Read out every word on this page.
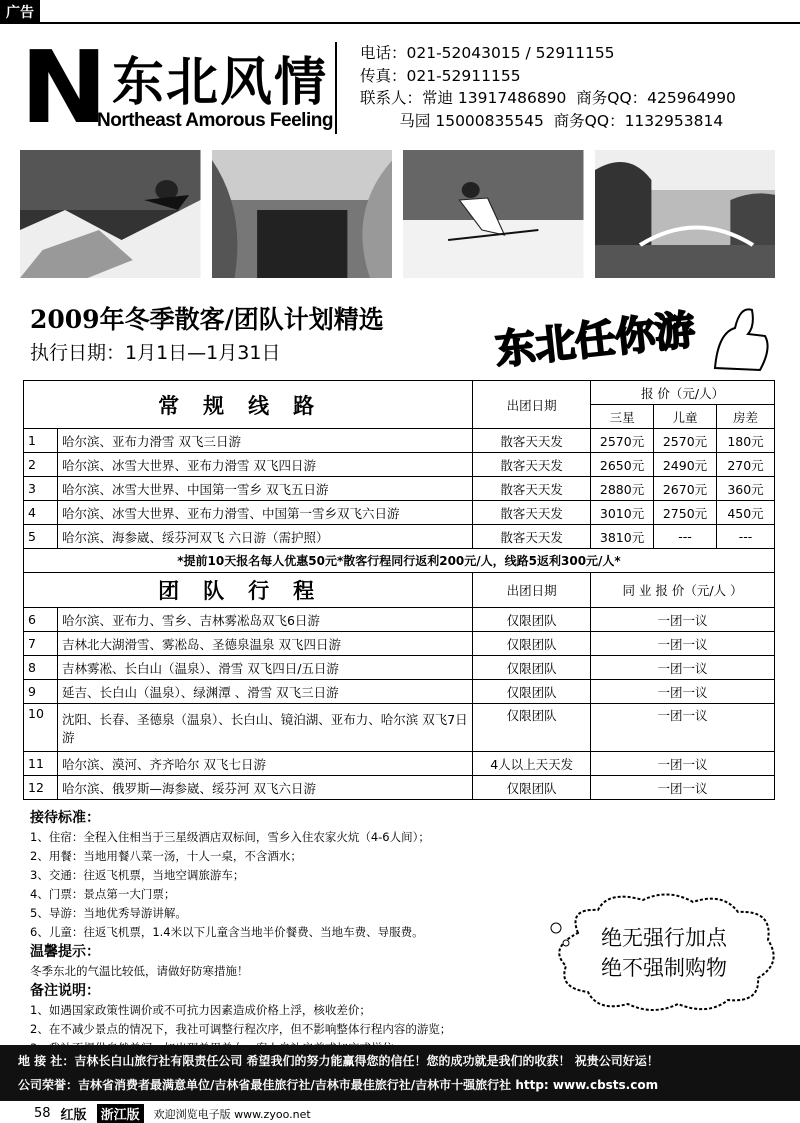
广告
N 东北风情
Northeast Amorous Feeling
电话：021-52043015 / 52911155
传真：021-52911155
联系人：常迪 13917486890  商务QQ：425964990
马园 15000835545  商务QQ：1132953814
2009年冬季散客/团队计划精选
执行日期：1月1日—1月31日	东北任你游
常规线路		出团日期	报 价（元/人）		
			三星	儿童	房差
1	哈尔滨、亚布力滑雪 双飞三日游	散客天天发	2570元	2570元	180元
2	哈尔滨、冰雪大世界、亚布力滑雪 双飞四日游	散客天天发	2650元	2490元	270元
3	哈尔滨、冰雪大世界、中国第一雪乡 双飞五日游	散客天天发	2880元	2670元	360元
4	哈尔滨、冰雪大世界、亚布力滑雪、中国第一雪乡双飞六日游	散客天天发	3010元	2750元	450元
5	哈尔滨、海参崴、绥芬河双飞 六日游（需护照）	散客天天发	3810元	---	---
*提前10天报名每人优惠50元*散客行程同行返利200元/人，线路5返利300元/人*					
团队行程		出团日期	同 业 报 价（元/人 ）		
6	哈尔滨、亚布力、雪乡、吉林雾凇岛双飞6日游	仅限团队	一团一议		
7	吉林北大湖滑雪、雾凇岛、圣德泉温泉 双飞四日游	仅限团队	一团一议		
8	吉林雾凇、长白山（温泉）、滑雪 双飞四日/五日游	仅限团队	一团一议		
9	延吉、长白山（温泉）、绿渊潭 、滑雪 双飞三日游	仅限团队	一团一议		
10	沈阳、长春、圣德泉（温泉）、长白山、镜泊湖、亚布力、哈尔滨 双飞7日游	仅限团队	一团一议		
11	哈尔滨、漠河、齐齐哈尔 双飞七日游	4人以上天天发	一团一议		
12	哈尔滨、俄罗斯—海参崴、绥芬河 双飞六日游	仅限团队	一团一议		
接待标准：
1、住宿：全程入住相当于三星级酒店双标间，雪乡入住农家火炕（4-6人间）；
2、用餐：当地用餐八菜一汤，十人一桌，不含酒水；
3、交通：往返飞机票，当地空调旅游车；
4、门票：景点第一大门票；
5、导游：当地优秀导游讲解。
6、儿童：往返飞机票，1.4米以下儿童含当地半价餐费、当地车费、导服费。
温馨提示：
冬季东北的气温比较低，请做好防寒措施！
备注说明：
1、如遇国家政策性调价或不可抗力因素造成价格上浮，核收差价；
2、在不减少景点的情况下，我社可调整行程次序，但不影响整体行程内容的游览；
绝无强行加点
绝不强制购物
地 接 社：吉林长白山旅行社有限责任公司 希望我们的努力能赢得您的信任！您的成功就是我们的收获！ 祝贵公司好运！
公司荣誉：吉林省消费者最满意单位/吉林省最佳旅行社/吉林市最佳旅行社/吉林市十强旅行社 http: www.cbsts.com
58 红版	浙江版	欢迎浏览电子版 www.zyoo.net
